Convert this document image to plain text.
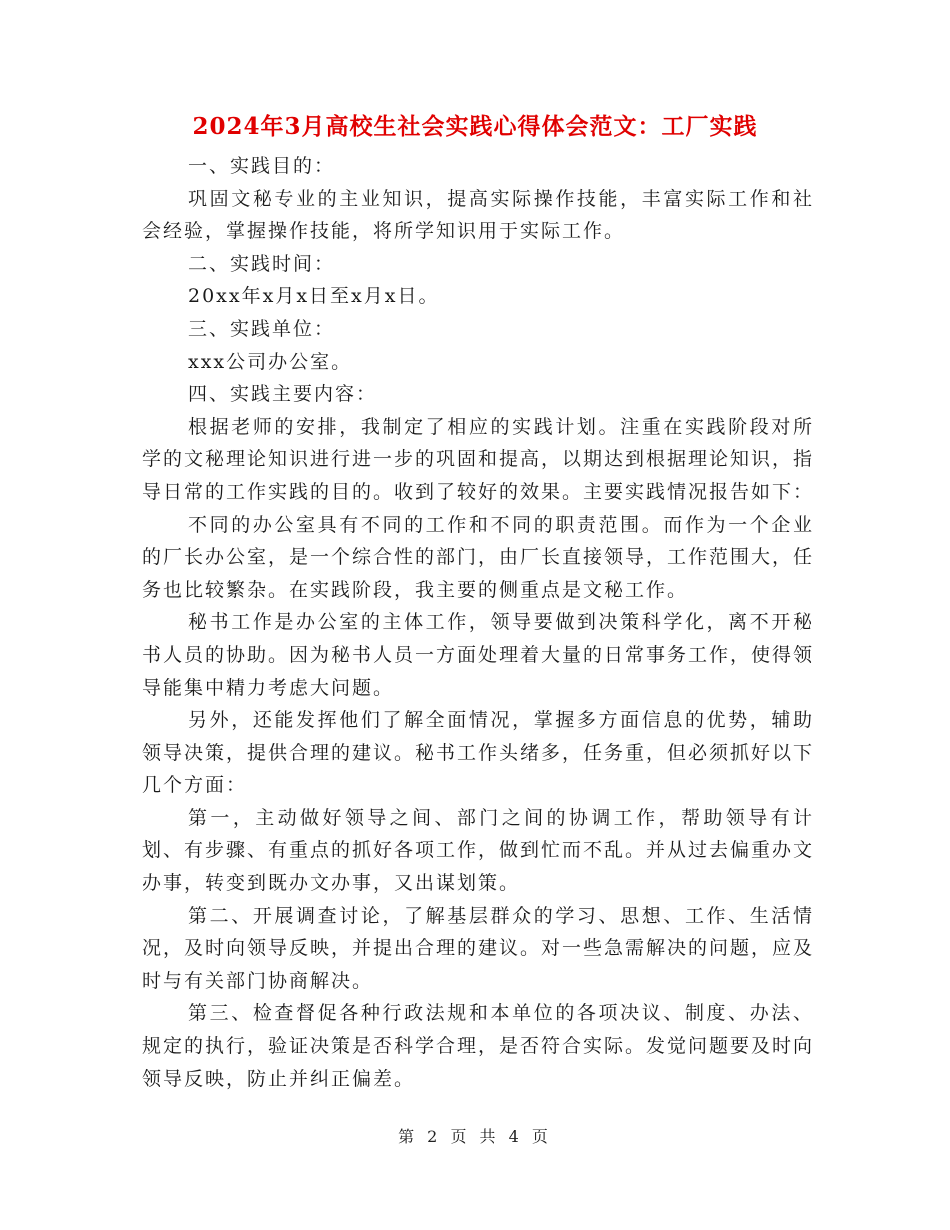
2024年3月高校生社会实践心得体会范文：工厂实践

一、实践目的：

巩固文秘专业的主业知识，提高实际操作技能，丰富实际工作和社会经验，掌握操作技能，将所学知识用于实际工作。

二、实践时间：

20xx年x月x日至x月x日。

三、实践单位：

xxx公司办公室。

四、实践主要内容：

根据老师的安排，我制定了相应的实践计划。注重在实践阶段对所学的文秘理论知识进行进一步的巩固和提高，以期达到根据理论知识，指导日常的工作实践的目的。收到了较好的效果。主要实践情况报告如下：

不同的办公室具有不同的工作和不同的职责范围。而作为一个企业的厂长办公室，是一个综合性的部门，由厂长直接领导，工作范围大，任务也比较繁杂。在实践阶段，我主要的侧重点是文秘工作。

秘书工作是办公室的主体工作，领导要做到决策科学化，离不开秘书人员的协助。因为秘书人员一方面处理着大量的日常事务工作，使得领导能集中精力考虑大问题。

另外，还能发挥他们了解全面情况，掌握多方面信息的优势，辅助领导决策，提供合理的建议。秘书工作头绪多，任务重，但必须抓好以下几个方面：

第一，主动做好领导之间、部门之间的协调工作，帮助领导有计划、有步骤、有重点的抓好各项工作，做到忙而不乱。并从过去偏重办文办事，转变到既办文办事，又出谋划策。

第二、开展调查讨论，了解基层群众的学习、思想、工作、生活情况，及时向领导反映，并提出合理的建议。对一些急需解决的问题，应及时与有关部门协商解决。

第三、检查督促各种行政法规和本单位的各项决议、制度、办法、规定的执行，验证决策是否科学合理，是否符合实际。发觉问题要及时向领导反映，防止并纠正偏差。

第 2 页 共 4 页
